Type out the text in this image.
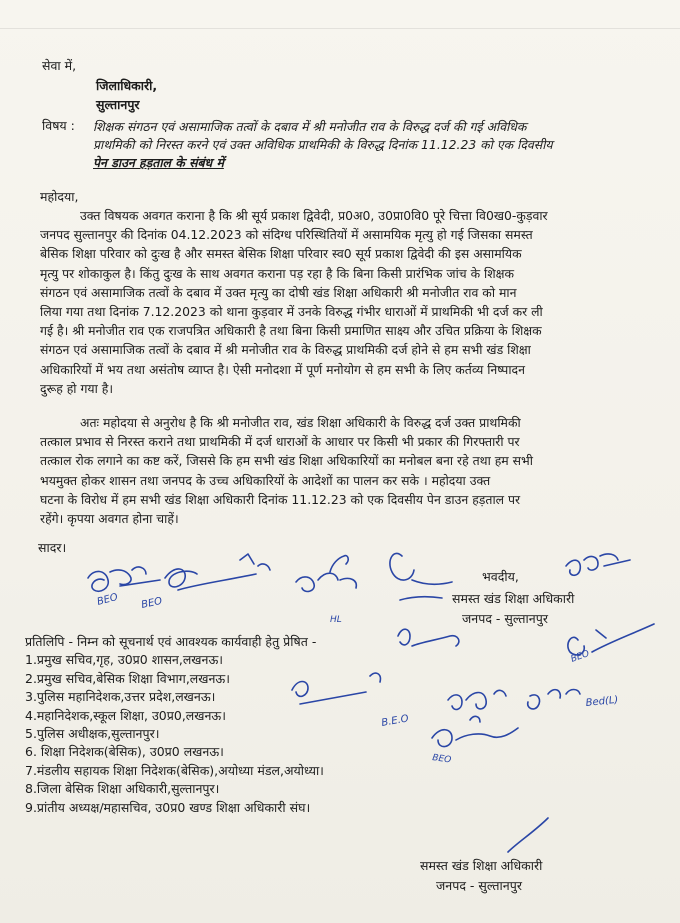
सेवा में,
जिलाधिकारी,
सुल्तानपुर
विषय : शिक्षक संगठन एवं असामाजिक तत्वों के दबाव में श्री मनोजीत राव के विरुद्ध दर्ज की गई अविधिक
प्राथमिकी को निरस्त करने एवं उक्त अविधिक प्राथमिकी के विरुद्ध दिनांक 11.12.23 को एक दिवसीय
पेन डाउन हड़ताल के संबंध में
महोदया,
उक्त विषयक अवगत कराना है कि श्री सूर्य प्रकाश द्विवेदी, प्र0अ0, उ0प्रा0वि0 पूरे चित्ता वि0ख0-कुड़वार
जनपद सुल्तानपुर की दिनांक 04.12.2023 को संदिग्ध परिस्थितियों में असामयिक मृत्यु हो गई जिसका समस्त
बेसिक शिक्षा परिवार को दुःख है और समस्त बेसिक शिक्षा परिवार स्व0 सूर्य प्रकाश द्विवेदी की इस असामयिक
मृत्यु पर शोकाकुल है। किंतु दुःख के साथ अवगत कराना पड़ रहा है कि बिना किसी प्रारंभिक जांच के शिक्षक
संगठन एवं असामाजिक तत्वों के दबाव में उक्त मृत्यु का दोषी खंड शिक्षा अधिकारी श्री मनोजीत राव को मान
लिया गया तथा दिनांक 7.12.2023 को थाना कुड़वार में उनके विरुद्ध गंभीर धाराओं में प्राथमिकी भी दर्ज कर ली
गई है। श्री मनोजीत राव एक राजपत्रित अधिकारी है तथा बिना किसी प्रमाणित साक्ष्य और उचित प्रक्रिया के शिक्षक
संगठन एवं असामाजिक तत्वों के दबाव में श्री मनोजीत राव के विरुद्ध प्राथमिकी दर्ज होने से हम सभी खंड शिक्षा
अधिकारियों में भय तथा असंतोष व्याप्त है। ऐसी मनोदशा में पूर्ण मनोयोग से हम सभी के लिए कर्तव्य निष्पादन
दुरूह हो गया है।
अतः महोदया से अनुरोध है कि श्री मनोजीत राव, खंड शिक्षा अधिकारी के विरुद्ध दर्ज उक्त प्राथमिकी
तत्काल प्रभाव से निरस्त कराने तथा प्राथमिकी में दर्ज धाराओं के आधार पर किसी भी प्रकार की गिरफ्तारी पर
तत्काल रोक लगाने का कष्ट करें, जिससे कि हम सभी खंड शिक्षा अधिकारियों का मनोबल बना रहे तथा हम सभी
भयमुक्त होकर शासन तथा जनपद के उच्च अधिकारियों के आदेशों का पालन कर सके । महोदया उक्त
घटना के विरोध में हम सभी खंड शिक्षा अधिकारी दिनांक 11.12.23 को एक दिवसीय पेन डाउन हड़ताल पर
रहेंगे। कृपया अवगत होना चाहें।
सादर।
भवदीय,
समस्त खंड शिक्षा अधिकारी
जनपद - सुल्तानपुर
प्रतिलिपि - निम्न को सूचनार्थ एवं आवश्यक कार्यवाही हेतु प्रेषित -
1.प्रमुख सचिव,गृह, उ0प्र0 शासन,लखनऊ।
2.प्रमुख सचिव,बेसिक शिक्षा विभाग,लखनऊ।
3.पुलिस महानिदेशक,उत्तर प्रदेश,लखनऊ।
4.महानिदेशक,स्कूल शिक्षा, उ0प्र0,लखनऊ।
5.पुलिस अधीक्षक,सुल्तानपुर।
6. शिक्षा निदेशक(बेसिक), उ0प्र0 लखनऊ।
7.मंडलीय सहायक शिक्षा निदेशक(बेसिक),अयोध्या मंडल,अयोध्या।
8.जिला बेसिक शिक्षा अधिकारी,सुल्तानपुर।
9.प्रांतीय अध्यक्ष/महासचिव, उ0प्र0 खण्ड शिक्षा अधिकारी संघ।
समस्त खंड शिक्षा अधिकारी
जनपद - सुल्तानपुर
BEO BEO
HL
BEO
B.E.O
Bed(L)
BEO
